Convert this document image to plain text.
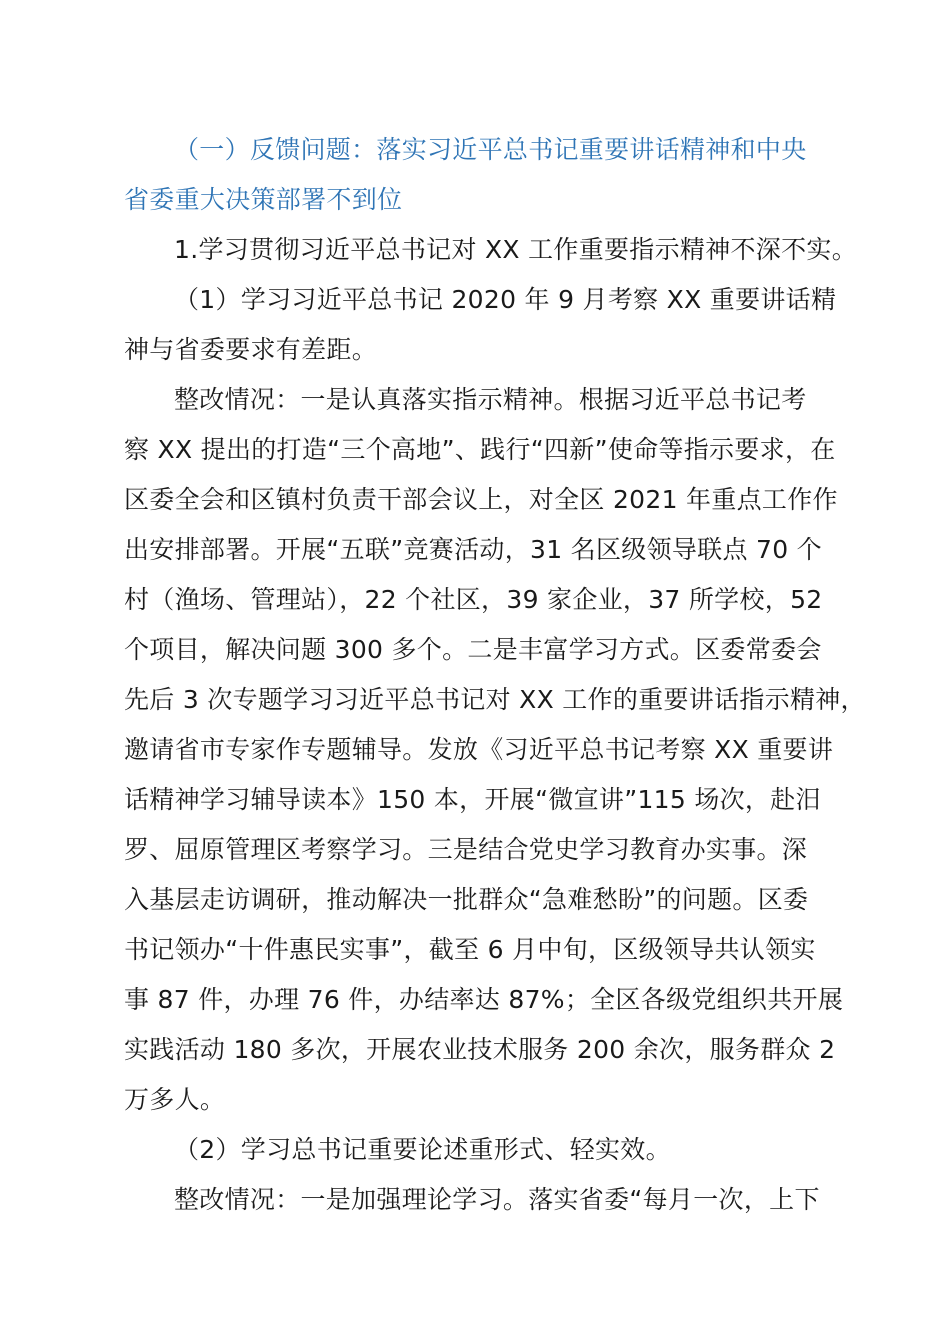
（一）反馈问题：落实习近平总书记重要讲话精神和中央
省委重大决策部署不到位
1.学习贯彻习近平总书记对 XX 工作重要指示精神不深不实。
（1）学习习近平总书记 2020 年 9 月考察 XX 重要讲话精
神与省委要求有差距。
整改情况：一是认真落实指示精神。根据习近平总书记考
察 XX 提出的打造“三个高地”、践行“四新”使命等指示要求，在
区委全会和区镇村负责干部会议上，对全区 2021 年重点工作作
出安排部署。开展“五联”竞赛活动，31 名区级领导联点 70 个
村（渔场、管理站），22 个社区，39 家企业，37 所学校，52
个项目，解决问题 300 多个。二是丰富学习方式。区委常委会
先后 3 次专题学习习近平总书记对 XX 工作的重要讲话指示精神，
邀请省市专家作专题辅导。发放《习近平总书记考察 XX 重要讲
话精神学习辅导读本》150 本，开展“微宣讲”115 场次，赴汨
罗、屈原管理区考察学习。三是结合党史学习教育办实事。深
入基层走访调研，推动解决一批群众“急难愁盼”的问题。区委
书记领办“十件惠民实事”，截至 6 月中旬，区级领导共认领实
事 87 件，办理 76 件，办结率达 87%；全区各级党组织共开展
实践活动 180 多次，开展农业技术服务 200 余次，服务群众 2
万多人。
（2）学习总书记重要论述重形式、轻实效。
整改情况：一是加强理论学习。落实省委“每月一次，上下
